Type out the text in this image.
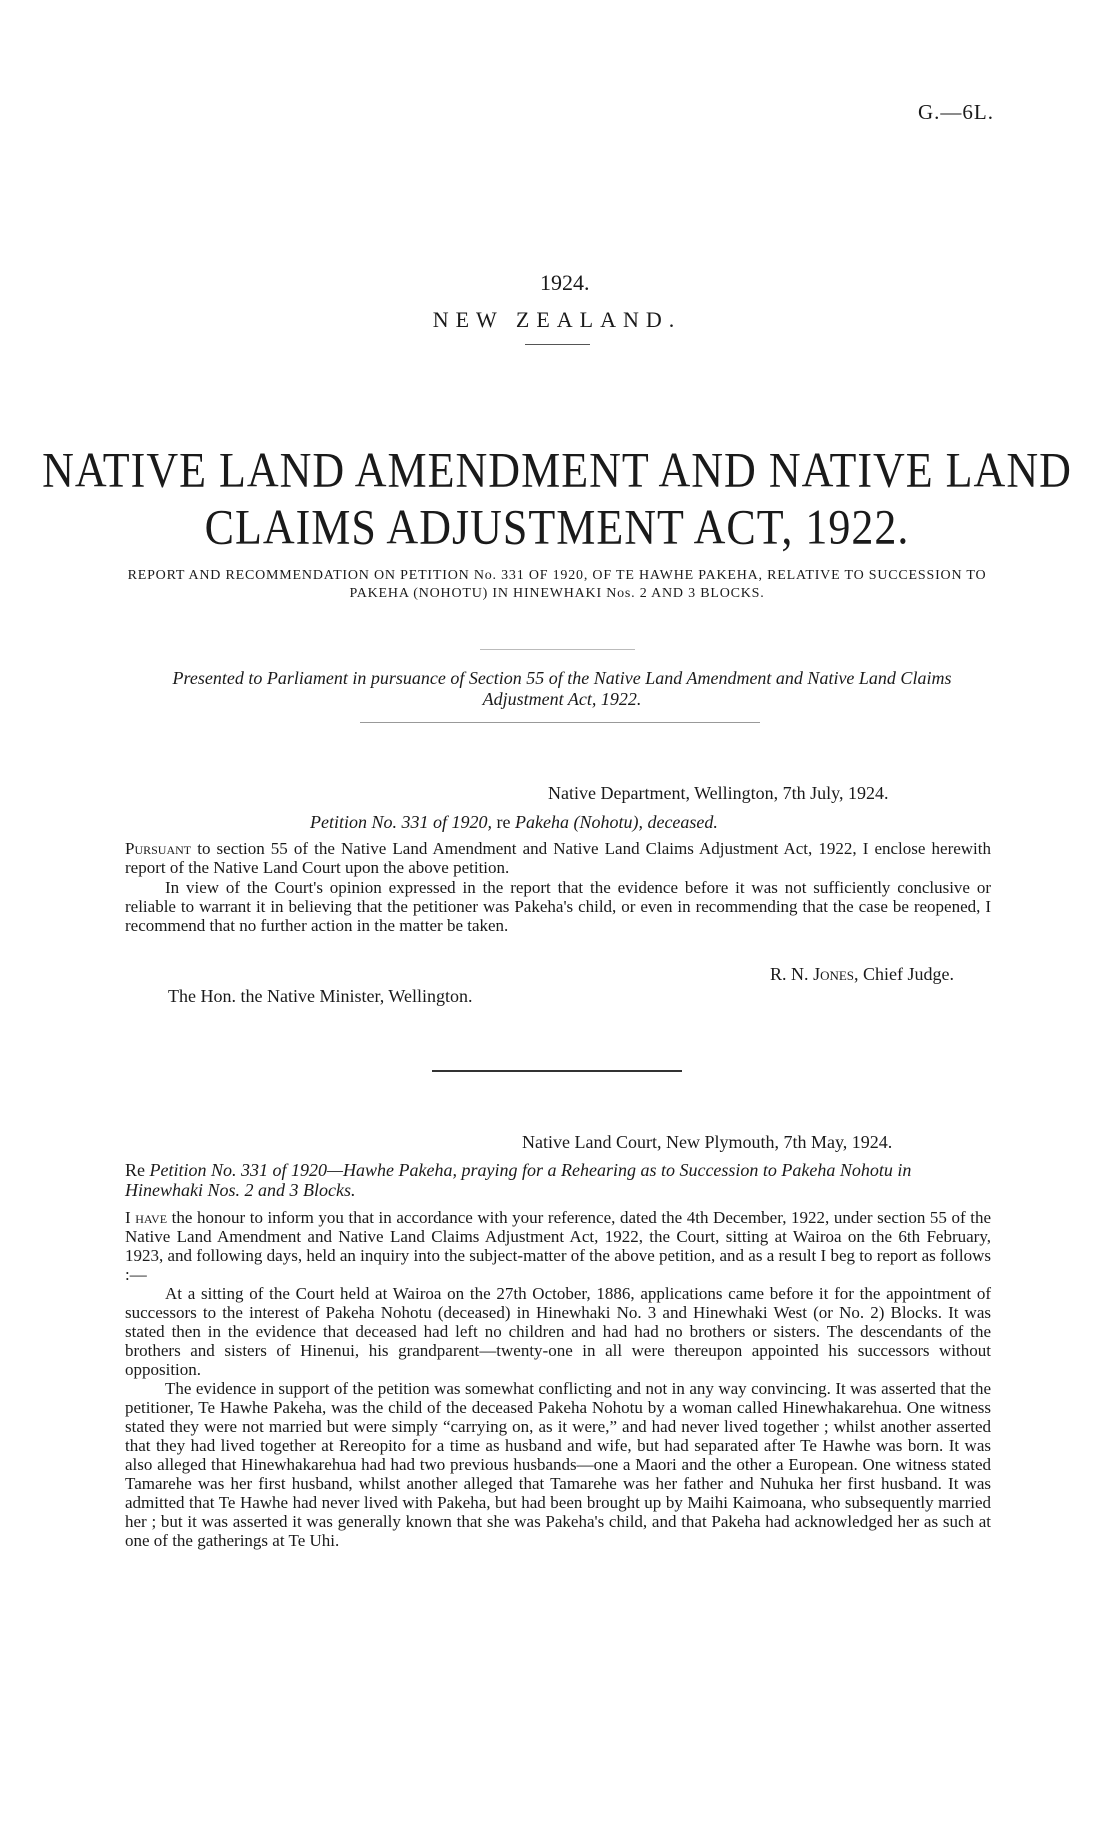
G.—6L.
1924.
NEW ZEALAND.
NATIVE LAND AMENDMENT AND NATIVE LAND
CLAIMS ADJUSTMENT ACT, 1922.
REPORT AND RECOMMENDATION ON PETITION No. 331 OF 1920, OF TE HAWHE PAKEHA, RELATIVE TO SUCCESSION TO PAKEHA (NOHOTU) IN HINEWHAKI Nos. 2 AND 3 BLOCKS.
Presented to Parliament in pursuance of Section 55 of the Native Land Amendment and Native Land Claims Adjustment Act, 1922.
Native Department, Wellington, 7th July, 1924.
Petition No. 331 of 1920, re Pakeha (Nohotu), deceased.
Pursuant to section 55 of the Native Land Amendment and Native Land Claims Adjustment Act, 1922, I enclose herewith report of the Native Land Court upon the above petition.
In view of the Court's opinion expressed in the report that the evidence before it was not sufficiently conclusive or reliable to warrant it in believing that the petitioner was Pakeha's child, or even in recommending that the case be reopened, I recommend that no further action in the matter be taken.
R. N. Jones, Chief Judge.
The Hon. the Native Minister, Wellington.
Native Land Court, New Plymouth, 7th May, 1924.
Re Petition No. 331 of 1920—Hawhe Pakeha, praying for a Rehearing as to Succession to Pakeha Nohotu in Hinewhaki Nos. 2 and 3 Blocks.

I have the honour to inform you that in accordance with your reference, dated the 4th December, 1922, under section 55 of the Native Land Amendment and Native Land Claims Adjustment Act, 1922, the Court, sitting at Wairoa on the 6th February, 1923, and following days, held an inquiry into the subject-matter of the above petition, and as a result I beg to report as follows :—

At a sitting of the Court held at Wairoa on the 27th October, 1886, applications came before it for the appointment of successors to the interest of Pakeha Nohotu (deceased) in Hinewhaki No. 3 and Hinewhaki West (or No. 2) Blocks. It was stated then in the evidence that deceased had left no children and had had no brothers or sisters. The descendants of the brothers and sisters of Hinenui, his grandparent—twenty-one in all were thereupon appointed his successors without opposition.

The evidence in support of the petition was somewhat conflicting and not in any way convincing. It was asserted that the petitioner, Te Hawhe Pakeha, was the child of the deceased Pakeha Nohotu by a woman called Hinewhakarehua. One witness stated they were not married but were simply “carrying on, as it were,” and had never lived together ; whilst another asserted that they had lived together at Rereopito for a time as husband and wife, but had separated after Te Hawhe was born. It was also alleged that Hinewhakarehua had had two previous husbands—one a Maori and the other a European. One witness stated Tamarehe was her first husband, whilst another alleged that Tamarehe was her father and Nuhuka her first husband. It was admitted that Te Hawhe had never lived with Pakeha, but had been brought up by Maihi Kaimoana, who subsequently married her ; but it was asserted it was generally known that she was Pakeha's child, and that Pakeha had acknowledged her as such at one of the gatherings at Te Uhi.
